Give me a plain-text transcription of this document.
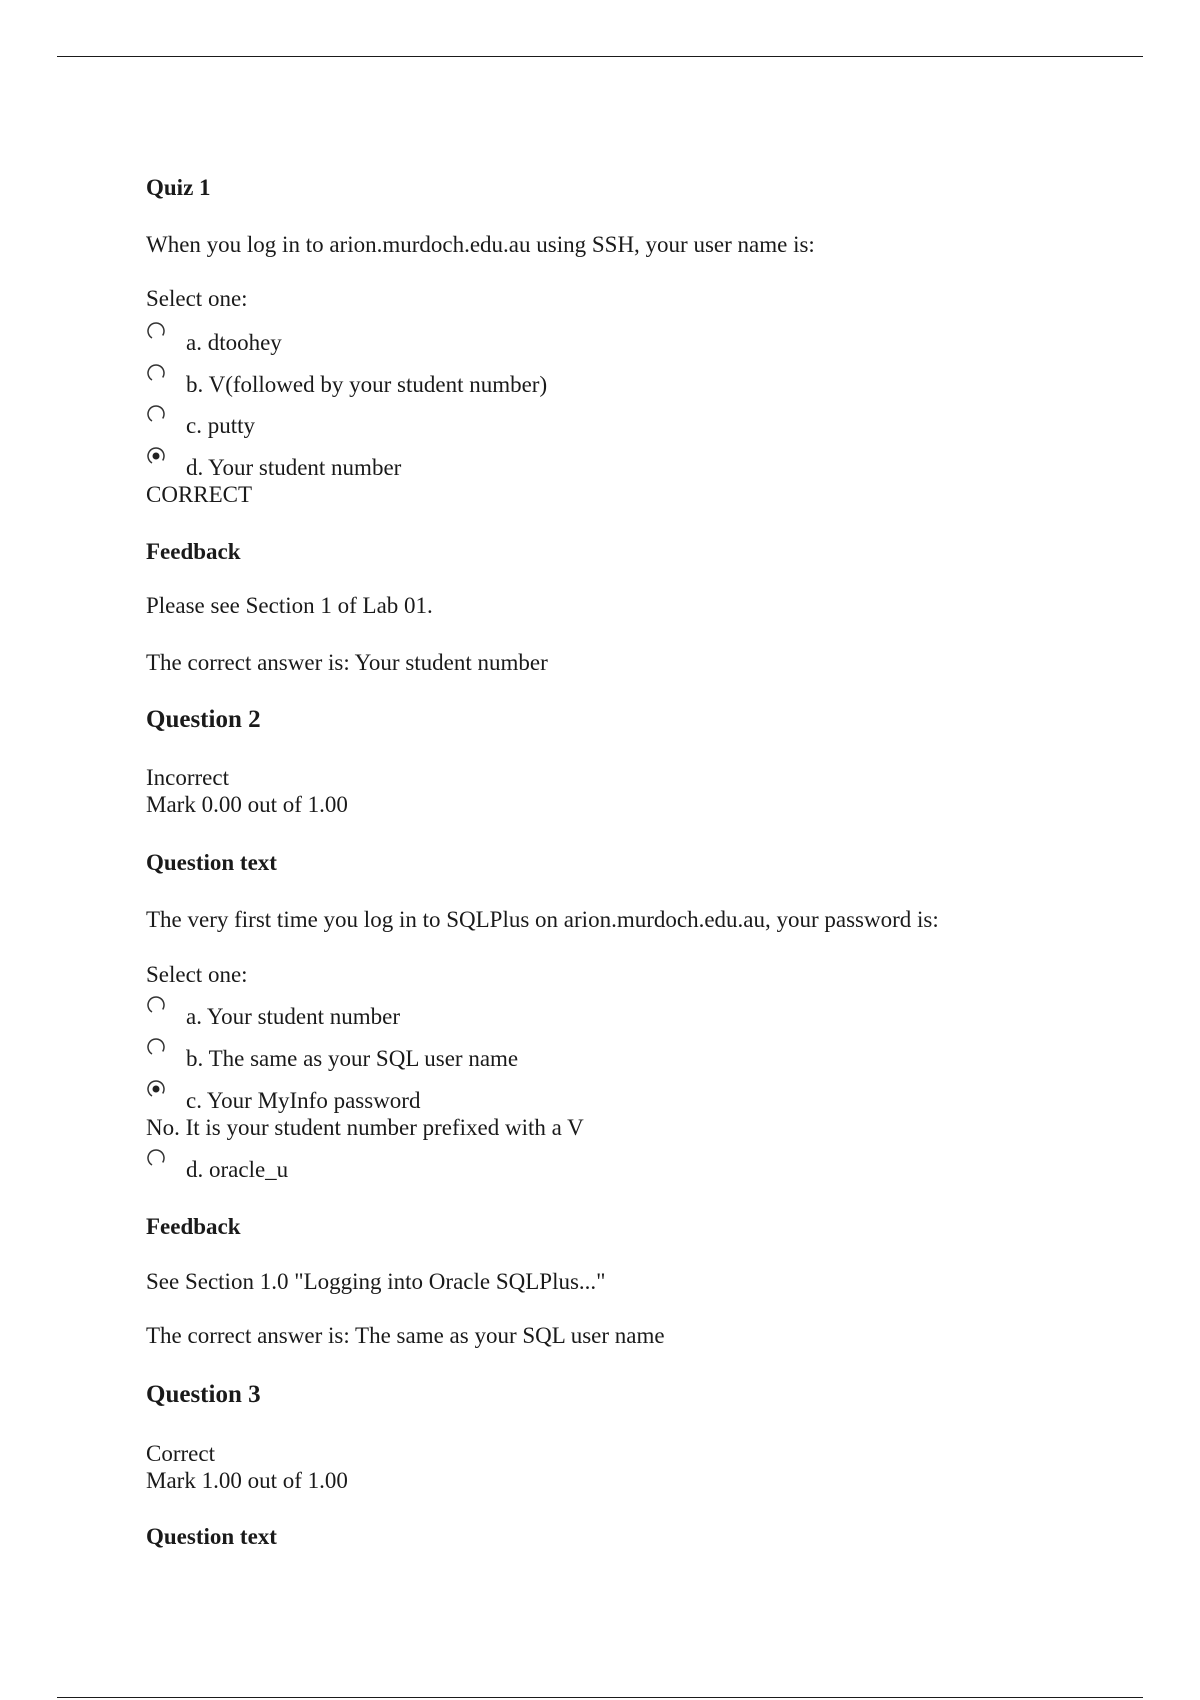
Quiz 1
When you log in to arion.murdoch.edu.au using SSH, your user name is:
Select one:
a. dtoohey
b. V(followed by your student number)
c. putty
d. Your student number
CORRECT
Feedback
Please see Section 1 of Lab 01.
The correct answer is: Your student number
Question 2
Incorrect
Mark 0.00 out of 1.00
Question text
The very first time you log in to SQLPlus on arion.murdoch.edu.au, your password is:
Select one:
a. Your student number
b. The same as your SQL user name
c. Your MyInfo password
No. It is your student number prefixed with a V
d. oracle_u
Feedback
See Section 1.0 "Logging into Oracle SQLPlus..."
The correct answer is: The same as your SQL user name
Question 3
Correct
Mark 1.00 out of 1.00
Question text
